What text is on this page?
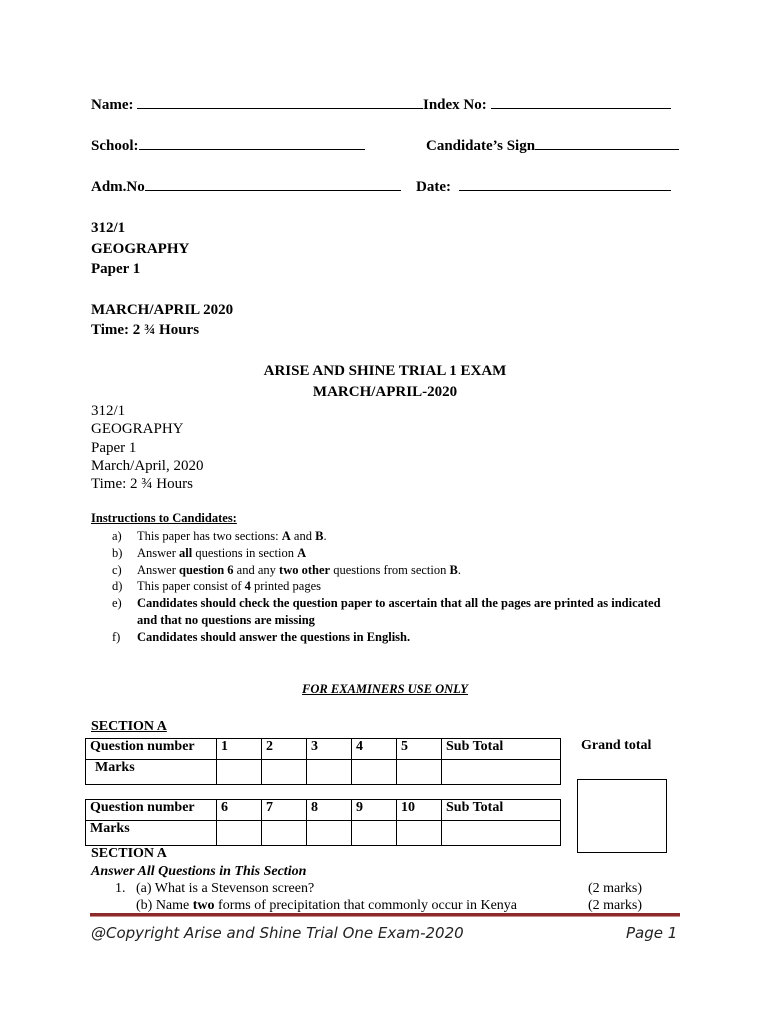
Name:	Index No:
School:	Candidate’s Sign
Adm.No	Date:
312/1
GEOGRAPHY
Paper 1
MARCH/APRIL 2020
Time: 2 ¾ Hours
ARISE AND SHINE TRIAL 1 EXAM
MARCH/APRIL-2020
312/1
GEOGRAPHY
Paper 1
March/April, 2020
Time: 2 ¾ Hours
Instructions to Candidates:
a) This paper has two sections: A and B.
b) Answer all questions in section A
c) Answer question 6 and any two other questions from section B.
d) This paper consist of 4 printed pages
e) Candidates should check the question paper to ascertain that all the pages are printed as indicated and that no questions are missing
f) Candidates should answer the questions in English.
FOR EXAMINERS USE ONLY
SECTION A
Grand total
Question number	1	2	3	4	5	Sub Total
Marks						
Question number	6	7	8	9	10	Sub Total
Marks						
SECTION A
Answer All Questions in This Section
1. (a) What is a Stevenson screen?	(2 marks)
(b) Name two forms of precipitation that commonly occur in Kenya	(2 marks)
@Copyright Arise and Shine Trial One Exam-2020	Page 1
